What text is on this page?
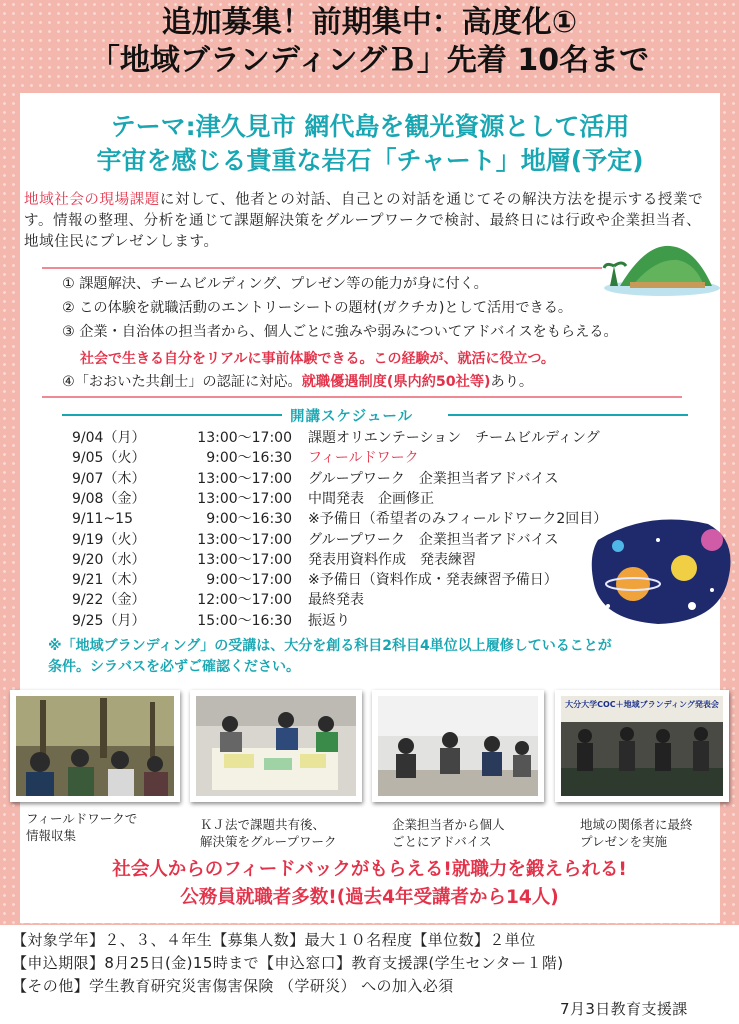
追加募集！前期集中：高度化①
「地域ブランディングＢ」先着 10名まで
テーマ:津久見市 網代島を観光資源として活用
宇宙を感じる貴重な岩石「チャート」地層(予定)
地域社会の現場課題に対して、他者との対話、自己との対話を通じてその解決方法を提示する授業です。情報の整理、分析を通じて課題解決策をグループワークで検討、最終日には行政や企業担当者、地域住民にプレゼンします。
① 課題解決、チームビルディング、プレゼン等の能力が身に付く。
② この体験を就職活動のエントリーシートの題材(ガクチカ)として活用できる。
③ 企業・自治体の担当者から、個人ごとに強みや弱みについてアドバイスをもらえる。
社会で生きる自分をリアルに事前体験できる。この経験が、就活に役立つ。
④「おおいた共創士」の認証に対応。就職優遇制度(県内約50社等)あり。
開講スケジュール
9/04（月）	13:00～17:00 課題オリエンテーション　チームビルディング
9/05（火）	9:00～16:30 フィールドワーク
9/07（木）	13:00～17:00 グループワーク　企業担当者アドバイス
9/08（金）	13:00～17:00 中間発表　企画修正
9/11~15	9:00～16:30 ※予備日（希望者のみフィールドワーク2回目）
9/19（火）	13:00～17:00 グループワーク　企業担当者アドバイス
9/20（水）	13:00～17:00 発表用資料作成　発表練習
9/21（木）	9:00～17:00 ※予備日（資料作成・発表練習予備日）
9/22（金）	12:00～17:00 最終発表
9/25（月）	15:00～16:30 振返り
※「地域ブランディング」の受講は、大分を創る科目2科目4単位以上履修していることが
条件。シラバスを必ずご確認ください。
大分大学COC＋地域ブランディング発表会
フィールドワークで
情報収集
ＫＪ法で課題共有後、
解決策をグループワーク
企業担当者から個人
ごとにアドバイス
地域の関係者に最終
プレゼンを実施
社会人からのフィードバックがもらえる!就職力を鍛えられる!
公務員就職者多数!(過去4年受講者から14人)
【対象学年】２、３、４年生【募集人数】最大１０名程度【単位数】２単位
【申込期限】8月25日(金)15時まで【申込窓口】教育支援課(学生センター１階)
【その他】学生教育研究災害傷害保険 （学研災） への加入必須
7月3日教育支援課
